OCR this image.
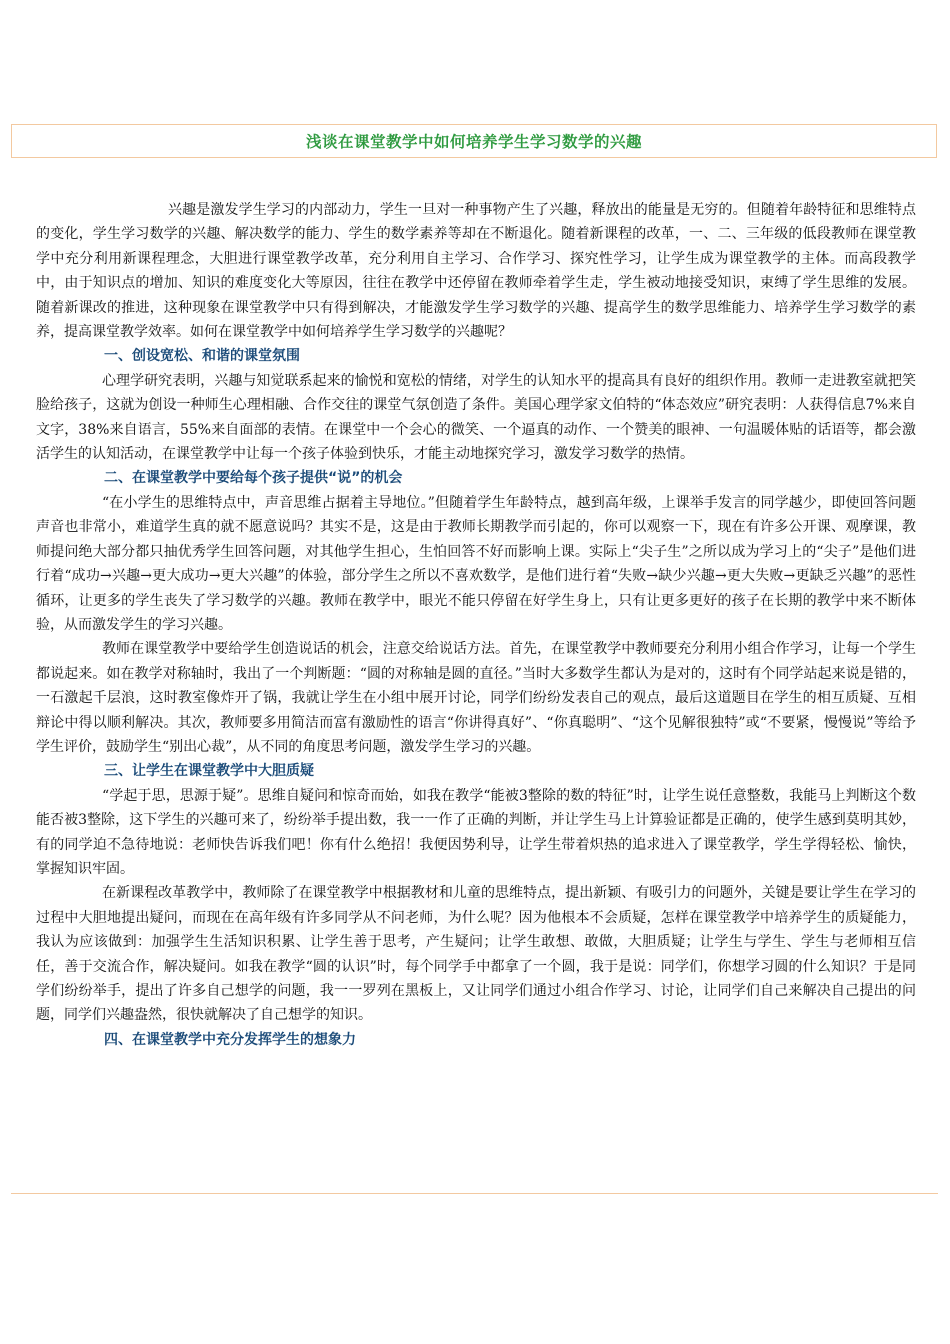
浅谈在课堂教学中如何培养学生学习数学的兴趣

兴趣是激发学生学习的内部动力，学生一旦对一种事物产生了兴趣，释放出的能量是无穷的。但随着年龄特征和思维特点的变化，学生学习数学的兴趣、解决数学的能力、学生的数学素养等却在不断退化。随着新课程的改革，一、二、三年级的低段教师在课堂教学中充分利用新课程理念，大胆进行课堂教学改革，充分利用自主学习、合作学习、探究性学习，让学生成为课堂教学的主体。而高段教学中，由于知识点的增加、知识的难度变化大等原因，往往在教学中还停留在教师牵着学生走，学生被动地接受知识，束缚了学生思维的发展。随着新课改的推进，这种现象在课堂教学中只有得到解决，才能激发学生学习数学的兴趣、提高学生的数学思维能力、培养学生学习数学的素养，提高课堂教学效率。如何在课堂教学中如何培养学生学习数学的兴趣呢？

一、创设宽松、和谐的课堂氛围

心理学研究表明，兴趣与知觉联系起来的愉悦和宽松的情绪，对学生的认知水平的提高具有良好的组织作用。教师一走进教室就把笑脸给孩子，这就为创设一种师生心理相融、合作交往的课堂气氛创造了条件。美国心理学家文伯特的“体态效应”研究表明：人获得信息7%来自文字，38%来自语言，55%来自面部的表情。在课堂中一个会心的微笑、一个逼真的动作、一个赞美的眼神、一句温暖体贴的话语等，都会激活学生的认知活动，在课堂教学中让每一个孩子体验到快乐，才能主动地探究学习，激发学习数学的热情。

二、在课堂教学中要给每个孩子提供“说”的机会

“在小学生的思维特点中，声音思维占据着主导地位。”但随着学生年龄特点，越到高年级，上课举手发言的同学越少，即使回答问题声音也非常小，难道学生真的就不愿意说吗？其实不是，这是由于教师长期教学而引起的，你可以观察一下，现在有许多公开课、观摩课，教师提问绝大部分都只抽优秀学生回答问题，对其他学生担心，生怕回答不好而影响上课。实际上“尖子生”之所以成为学习上的“尖子”是他们进行着“成功→兴趣→更大成功→更大兴趣”的体验，部分学生之所以不喜欢数学，是他们进行着“失败→缺少兴趣→更大失败→更缺乏兴趣”的恶性循环，让更多的学生丧失了学习数学的兴趣。教师在教学中，眼光不能只停留在好学生身上，只有让更多更好的孩子在长期的教学中来不断体验，从而激发学生的学习兴趣。

教师在课堂教学中要给学生创造说话的机会，注意交给说话方法。首先，在课堂教学中教师要充分利用小组合作学习，让每一个学生都说起来。如在教学对称轴时，我出了一个判断题：“圆的对称轴是圆的直径。”当时大多数学生都认为是对的，这时有个同学站起来说是错的，一石激起千层浪，这时教室像炸开了锅，我就让学生在小组中展开讨论，同学们纷纷发表自己的观点，最后这道题目在学生的相互质疑、互相辩论中得以顺利解决。其次，教师要多用简洁而富有激励性的语言“你讲得真好”、“你真聪明”、“这个见解很独特”或“不要紧，慢慢说”等给予学生评价，鼓励学生“别出心裁”，从不同的角度思考问题，激发学生学习的兴趣。

三、让学生在课堂教学中大胆质疑

“学起于思，思源于疑”。思维自疑问和惊奇而始，如我在教学“能被3整除的数的特征”时，让学生说任意整数，我能马上判断这个数能否被3整除，这下学生的兴趣可来了，纷纷举手提出数，我一一作了正确的判断，并让学生马上计算验证都是正确的，使学生感到莫明其妙，有的同学迫不急待地说：老师快告诉我们吧！你有什么绝招！我便因势利导，让学生带着炽热的追求进入了课堂教学，学生学得轻松、愉快，掌握知识牢固。

在新课程改革教学中，教师除了在课堂教学中根据教材和儿童的思维特点，提出新颖、有吸引力的问题外，关键是要让学生在学习的过程中大胆地提出疑问，而现在在高年级有许多同学从不问老师，为什么呢？因为他根本不会质疑，怎样在课堂教学中培养学生的质疑能力，我认为应该做到：加强学生生活知识积累、让学生善于思考，产生疑问；让学生敢想、敢做，大胆质疑；让学生与学生、学生与老师相互信任，善于交流合作，解决疑问。如我在教学“圆的认识”时，每个同学手中都拿了一个圆，我于是说：同学们，你想学习圆的什么知识？于是同学们纷纷举手，提出了许多自己想学的问题，我一一罗列在黑板上，又让同学们通过小组合作学习、讨论，让同学们自己来解决自己提出的问题，同学们兴趣盎然，很快就解决了自己想学的知识。

四、在课堂教学中充分发挥学生的想象力
